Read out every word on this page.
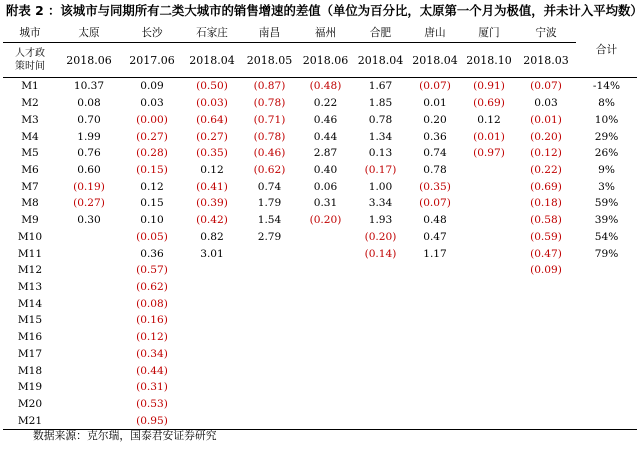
附表 2 ：该城市与同期所有二类大城市的销售增速的差值（单位为百分比，太原第一个月为极值，并未计入平均数）
城市	太原	长沙	石家庄	南昌	福州	合肥	唐山	厦门	宁波	合计

人才政
策时间	2018.06	2017.06	2018.04	2018.05	2018.06	2018.04	2018.04	2018.10	2018.03	
M1	10.37	0.09	(0.50)	(0.87)	(0.48)	1.67	(0.07)	(0.91)	(0.07)	-14%
M2	0.08	0.03	(0.03)	(0.78)	0.22	1.85	0.01	(0.69)	0.03	8%
M3	0.70	(0.00)	(0.64)	(0.71)	0.46	0.78	0.20	0.12	(0.01)	10%
M4	1.99	(0.27)	(0.27)	(0.78)	0.44	1.34	0.36	(0.01)	(0.20)	29%
M5	0.76	(0.28)	(0.35)	(0.46)	2.87	0.13	0.74	(0.97)	(0.12)	26%
M6	0.60	(0.15)	0.12	(0.62)	0.40	(0.17)	0.78		(0.22)	9%
M7	(0.19)	0.12	(0.41)	0.74	0.06	1.00	(0.35)		(0.69)	3%
M8	(0.27)	0.15	(0.39)	1.79	0.31	3.34	(0.07)		(0.18)	59%
M9	0.30	0.10	(0.42)	1.54	(0.20)	1.93	0.48		(0.58)	39%
M10		(0.05)	0.82	2.79		(0.20)	0.47		(0.59)	54%
M11		0.36	3.01			(0.14)	1.17		(0.47)	79%
M12		(0.57)							(0.09)	
M13		(0.62)								
M14		(0.08)								
M15		(0.16)								
M16		(0.12)								
M17		(0.34)								
M18		(0.44)								
M19		(0.31)								
M20		(0.53)								
M21		(0.95)								
数据来源：克尔瑞，国泰君安证券研究
